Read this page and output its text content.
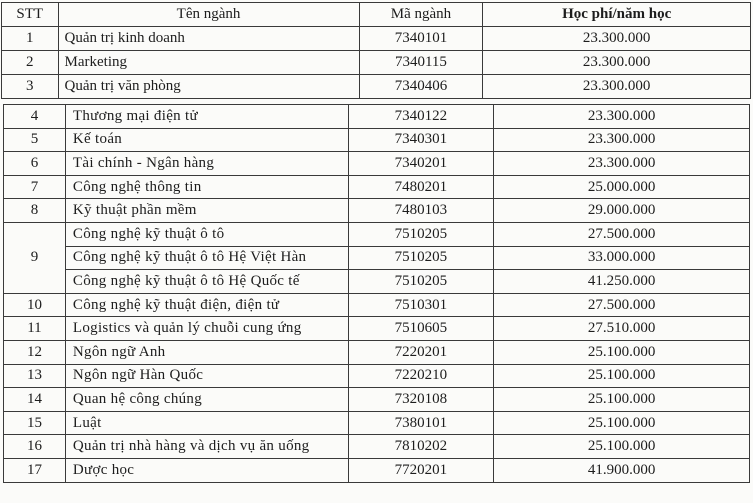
STT	Tên ngành	Mã ngành	Học phí/năm học
1	Quản trị kinh doanh	7340101	23.300.000
2	Marketing	7340115	23.300.000
3	Quản trị văn phòng	7340406	23.300.000
4	Thương mại điện tử	7340122	23.300.000
5	Kế toán	7340301	23.300.000
6	Tài chính - Ngân hàng	7340201	23.300.000
7	Công nghệ thông tin	7480201	25.000.000
8	Kỹ thuật phần mềm	7480103	29.000.000
9	Công nghệ kỹ thuật ô tô	7510205	27.500.000
	Công nghệ kỹ thuật ô tô Hệ Việt Hàn	7510205	33.000.000
	Công nghệ kỹ thuật ô tô Hệ Quốc tế	7510205	41.250.000
10	Công nghệ kỹ thuật điện, điện tử	7510301	27.500.000
11	Logistics và quản lý chuỗi cung ứng	7510605	27.510.000
12	Ngôn ngữ Anh	7220201	25.100.000
13	Ngôn ngữ Hàn Quốc	7220210	25.100.000
14	Quan hệ công chúng	7320108	25.100.000
15	Luật	7380101	25.100.000
16	Quản trị nhà hàng và dịch vụ ăn uống	7810202	25.100.000
17	Dược học	7720201	41.900.000
